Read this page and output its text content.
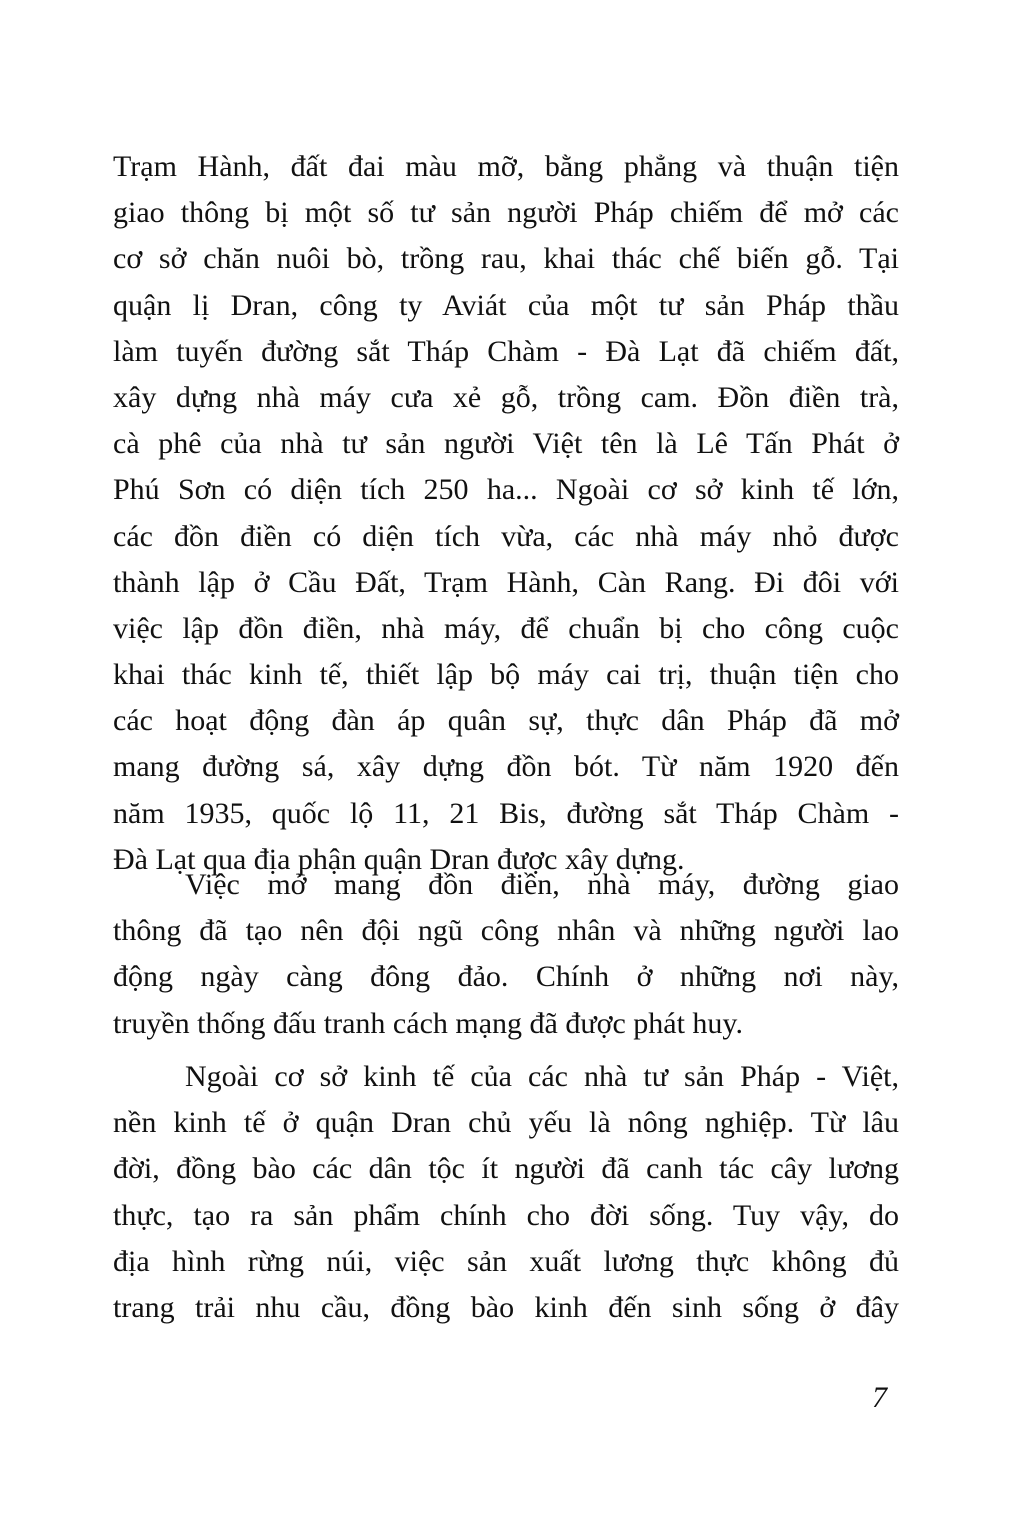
Trạm Hành, đất đai màu mỡ, bằng phẳng và thuận tiện
giao thông bị một số tư sản người Pháp chiếm để mở các
cơ sở chăn nuôi bò, trồng rau, khai thác chế biến gỗ. Tại
quận lị Dran, công ty Aviát của một tư sản Pháp thầu
làm tuyến đường sắt Tháp Chàm - Đà Lạt đã chiếm đất,
xây dựng nhà máy cưa xẻ gỗ, trồng cam. Đồn điền trà,
cà phê của nhà tư sản người Việt tên là Lê Tấn Phát ở
Phú Sơn có diện tích 250 ha... Ngoài cơ sở kinh tế lớn,
các đồn điền có diện tích vừa, các nhà máy nhỏ được
thành lập ở Cầu Đất, Trạm Hành, Càn Rang. Đi đôi với
việc lập đồn điền, nhà máy, để chuẩn bị cho công cuộc
khai thác kinh tế, thiết lập bộ máy cai trị, thuận tiện cho
các hoạt động đàn áp quân sự, thực dân Pháp đã mở
mang đường sá, xây dựng đồn bót. Từ năm 1920 đến
năm 1935, quốc lộ 11, 21 Bis, đường sắt Tháp Chàm -
Đà Lạt qua địa phận quận Dran được xây dựng.
Việc mở mang đồn điền, nhà máy, đường giao
thông đã tạo nên đội ngũ công nhân và những người lao
động ngày càng đông đảo. Chính ở những nơi này,
truyền thống đấu tranh cách mạng đã được phát huy.
Ngoài cơ sở kinh tế của các nhà tư sản Pháp - Việt,
nền kinh tế ở quận Dran chủ yếu là nông nghiệp. Từ lâu
đời, đồng bào các dân tộc ít người đã canh tác cây lương
thực, tạo ra sản phẩm chính cho đời sống. Tuy vậy, do
địa hình rừng núi, việc sản xuất lương thực không đủ
trang trải nhu cầu, đồng bào kinh đến sinh sống ở đây
7
